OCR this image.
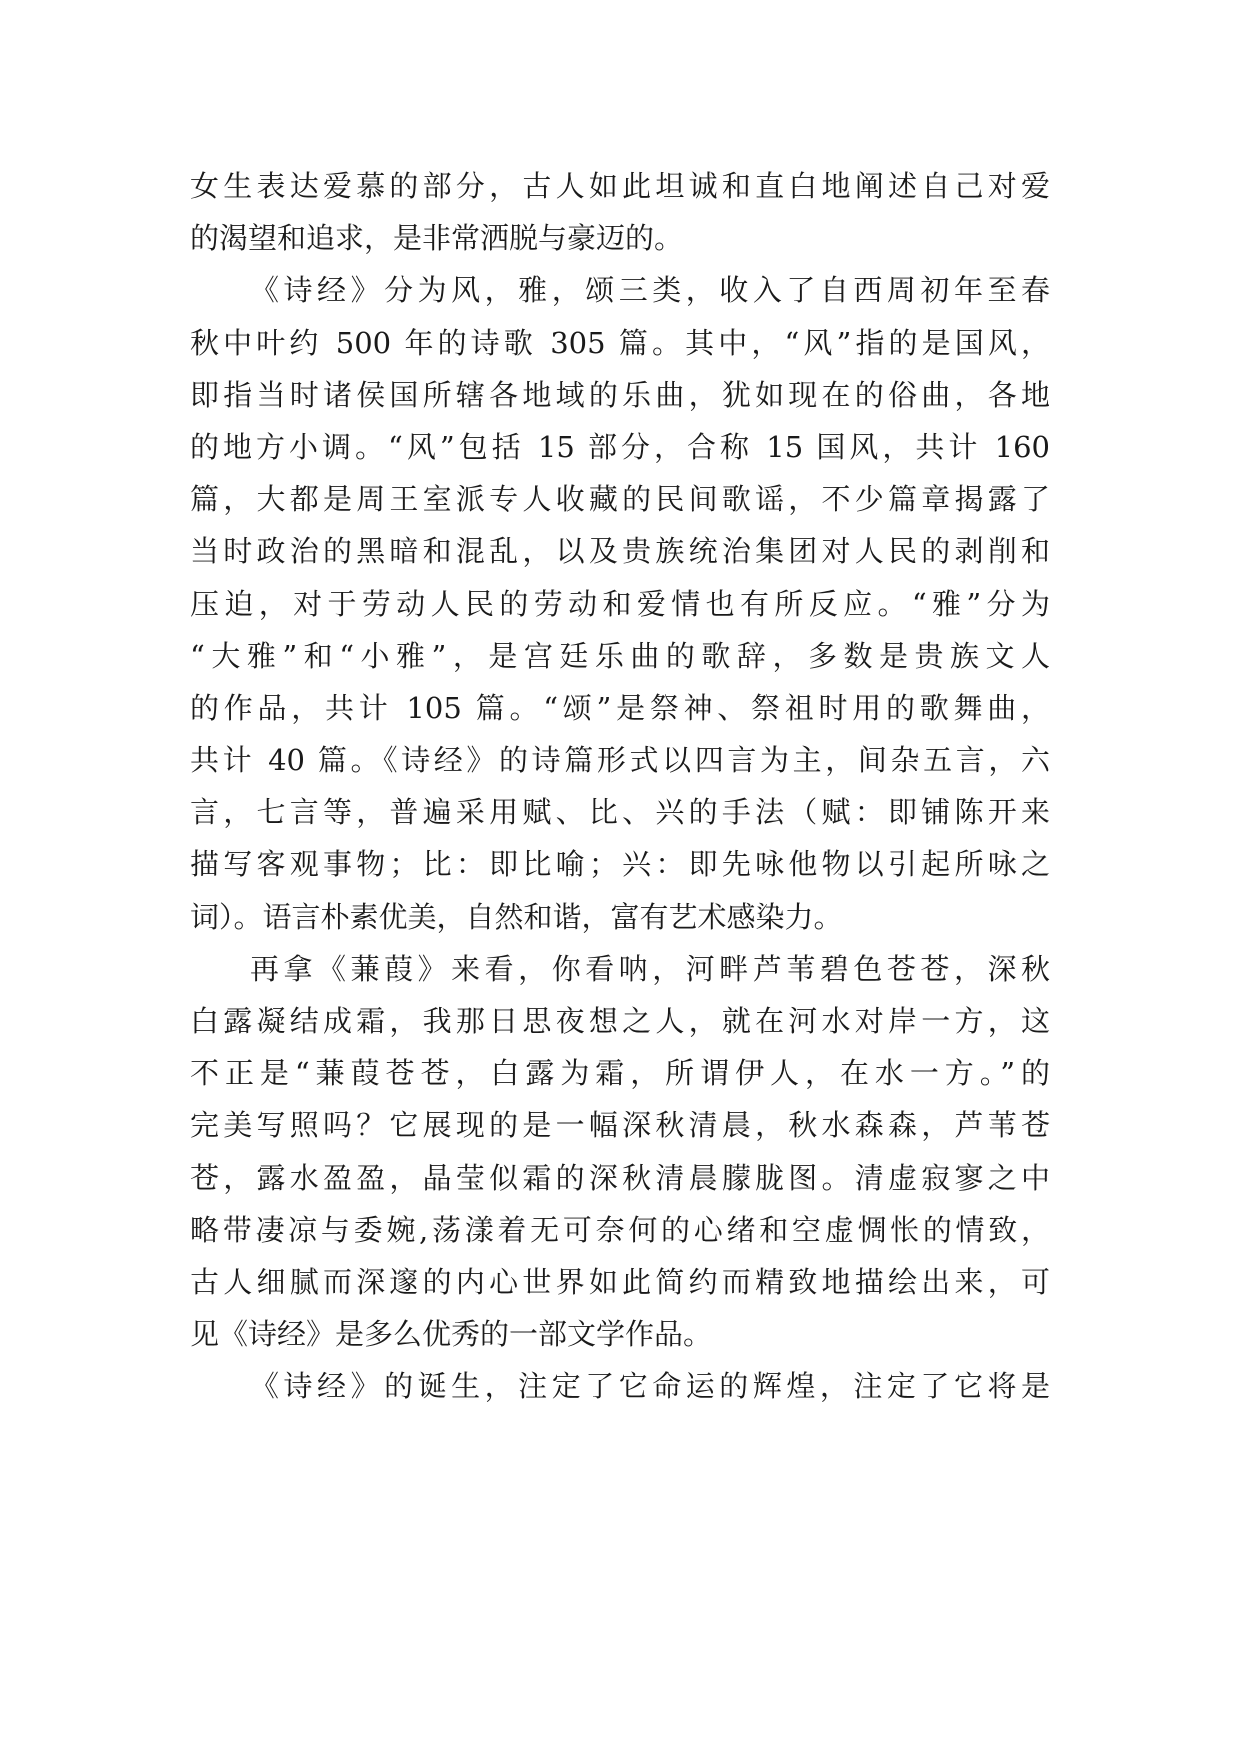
女生表达爱慕的部分，古人如此坦诚和直白地阐述自己对爱
的渴望和追求，是非常洒脱与豪迈的。
《诗经》分为风，雅，颂三类，收入了自西周初年至春
秋中叶约 500 年的诗歌 305 篇。其中，“风”指的是国风，
即指当时诸侯国所辖各地域的乐曲，犹如现在的俗曲，各地
的地方小调。“风”包括 15 部分，合称 15 国风，共计 160
篇，大都是周王室派专人收藏的民间歌谣，不少篇章揭露了
当时政治的黑暗和混乱，以及贵族统治集团对人民的剥削和
压迫，对于劳动人民的劳动和爱情也有所反应。“雅”分为
“大雅”和“小雅”，是宫廷乐曲的歌辞，多数是贵族文人
的作品，共计 105 篇。“颂”是祭神、祭祖时用的歌舞曲，
共计 40 篇。《诗经》的诗篇形式以四言为主，间杂五言，六
言，七言等，普遍采用赋、比、兴的手法（赋：即铺陈开来
描写客观事物；比：即比喻；兴：即先咏他物以引起所咏之
词）。语言朴素优美，自然和谐，富有艺术感染力。
再拿《蒹葭》来看，你看呐，河畔芦苇碧色苍苍，深秋
白露凝结成霜，我那日思夜想之人，就在河水对岸一方，这
不正是“蒹葭苍苍，白露为霜，所谓伊人，在水一方。”的
完美写照吗？它展现的是一幅深秋清晨，秋水森森，芦苇苍
苍，露水盈盈，晶莹似霜的深秋清晨朦胧图。清虚寂寥之中
略带凄凉与委婉,荡漾着无可奈何的心绪和空虚惆怅的情致，
古人细腻而深邃的内心世界如此简约而精致地描绘出来，可
见《诗经》是多么优秀的一部文学作品。
《诗经》的诞生，注定了它命运的辉煌，注定了它将是
